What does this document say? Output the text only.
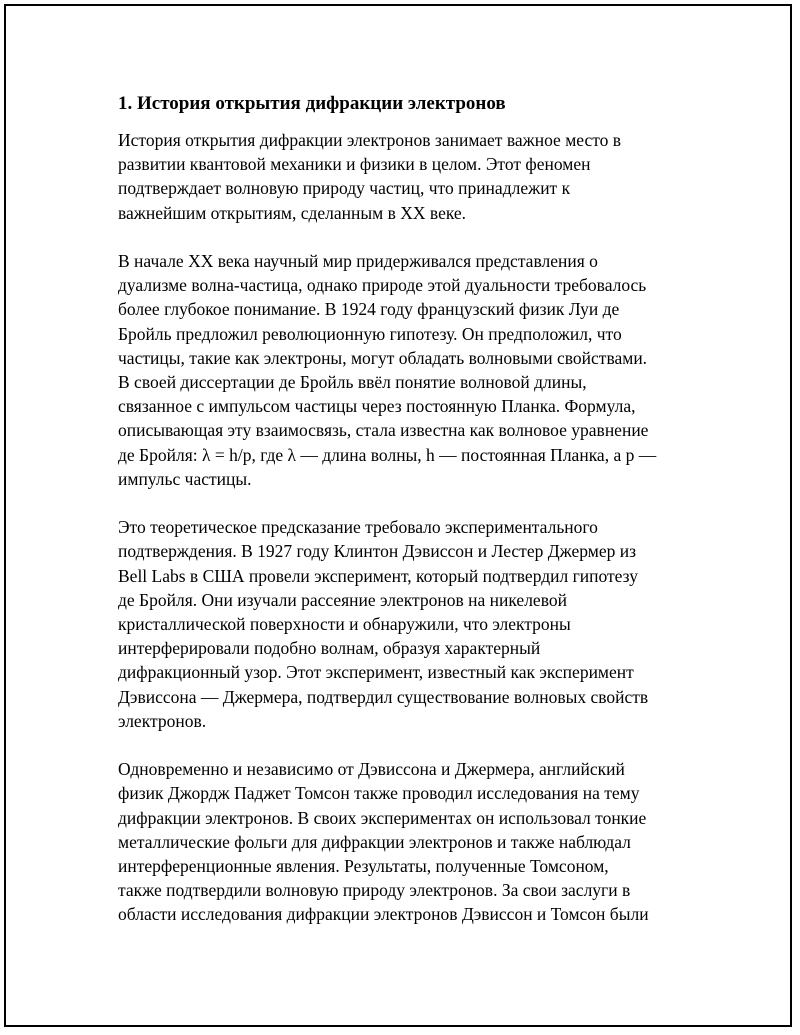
1. История открытия дифракции электронов
История открытия дифракции электронов занимает важное место в
развитии квантовой механики и физики в целом. Этот феномен
подтверждает волновую природу частиц, что принадлежит к
важнейшим открытиям, сделанным в XX веке.
В начале XX века научный мир придерживался представления о
дуализме волна-частица, однако природе этой дуальности требовалось
более глубокое понимание. В 1924 году французский физик Луи де
Бройль предложил революционную гипотезу. Он предположил, что
частицы, такие как электроны, могут обладать волновыми свойствами.
В своей диссертации де Бройль ввёл понятие волновой длины,
связанное с импульсом частицы через постоянную Планка. Формула,
описывающая эту взаимосвязь, стала известна как волновое уравнение
де Бройля: λ = h/p, где λ — длина волны, h — постоянная Планка, а p —
импульс частицы.
Это теоретическое предсказание требовало экспериментального
подтверждения. В 1927 году Клинтон Дэвиссон и Лестер Джермер из
Bell Labs в США провели эксперимент, который подтвердил гипотезу
де Бройля. Они изучали рассеяние электронов на никелевой
кристаллической поверхности и обнаружили, что электроны
интерферировали подобно волнам, образуя характерный
дифракционный узор. Этот эксперимент, известный как эксперимент
Дэвиссона — Джермера, подтвердил существование волновых свойств
электронов.
Одновременно и независимо от Дэвиссона и Джермера, английский
физик Джордж Паджет Томсон также проводил исследования на тему
дифракции электронов. В своих экспериментах он использовал тонкие
металлические фольги для дифракции электронов и также наблюдал
интерференционные явления. Результаты, полученные Томсоном,
также подтвердили волновую природу электронов. За свои заслуги в
области исследования дифракции электронов Дэвиссон и Томсон были
